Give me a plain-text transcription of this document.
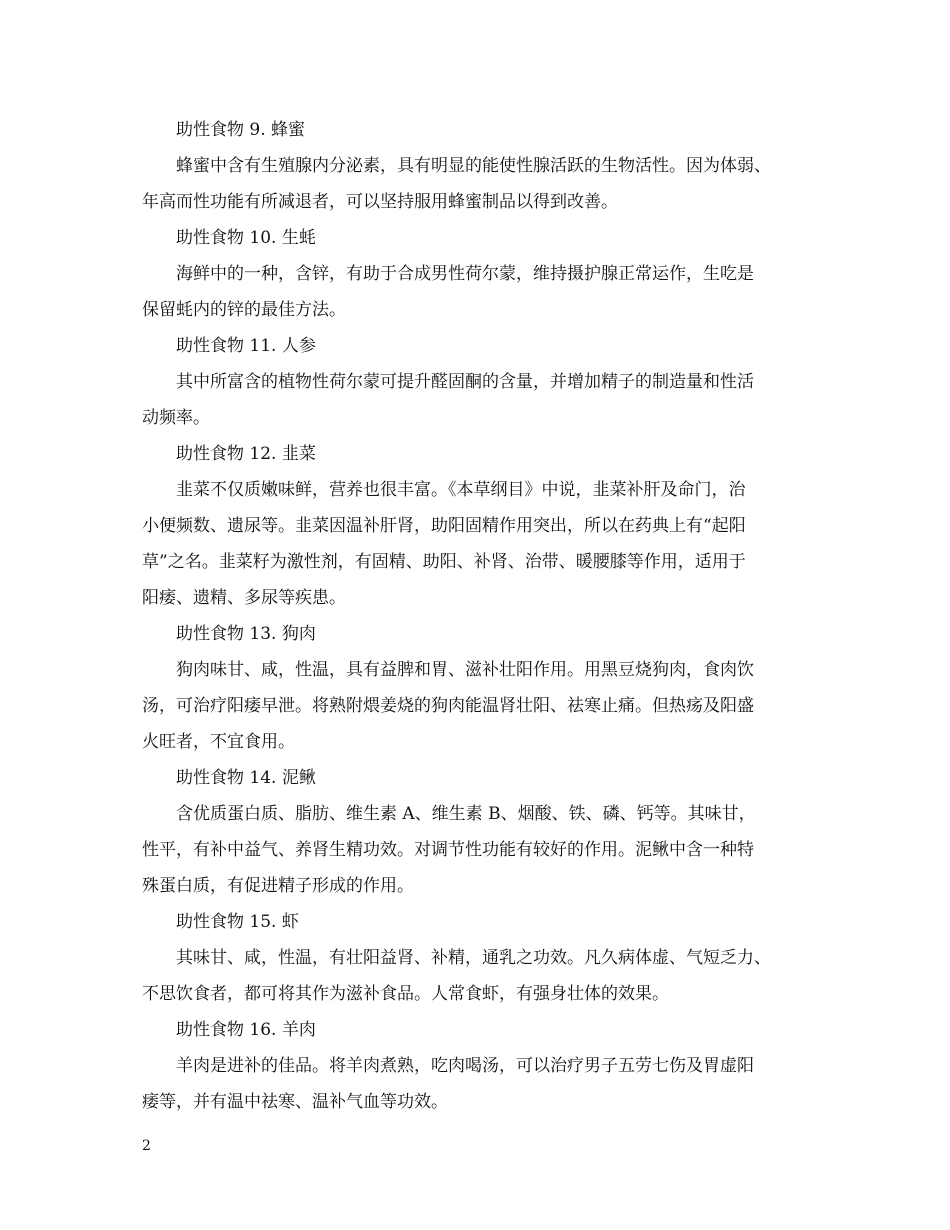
助性食物 9. 蜂蜜

蜂蜜中含有生殖腺内分泌素，具有明显的能使性腺活跃的生物活性。因为体弱、
年高而性功能有所减退者，可以坚持服用蜂蜜制品以得到改善。

助性食物 10. 生蚝

海鲜中的一种，含锌，有助于合成男性荷尔蒙，维持摄护腺正常运作，生吃是
保留蚝内的锌的最佳方法。

助性食物 11. 人参

其中所富含的植物性荷尔蒙可提升醛固酮的含量，并增加精子的制造量和性活
动频率。

助性食物 12. 韭菜

韭菜不仅质嫩味鲜，营养也很丰富。《本草纲目》中说，韭菜补肝及命门，治
小便频数、遗尿等。韭菜因温补肝肾，助阳固精作用突出，所以在药典上有“起阳
草”之名。韭菜籽为激性剂，有固精、助阳、补肾、治带、暖腰膝等作用，适用于
阳痿、遗精、多尿等疾患。

助性食物 13. 狗肉

狗肉味甘、咸，性温，具有益脾和胃、滋补壮阳作用。用黑豆烧狗肉，食肉饮
汤，可治疗阳痿早泄。将熟附煨姜烧的狗肉能温肾壮阳、祛寒止痛。但热疡及阳盛
火旺者，不宜食用。

助性食物 14. 泥鳅

含优质蛋白质、脂肪、维生素 A、维生素 B、烟酸、铁、磷、钙等。其味甘，
性平，有补中益气、养肾生精功效。对调节性功能有较好的作用。泥鳅中含一种特
殊蛋白质，有促进精子形成的作用。

助性食物 15. 虾

其味甘、咸，性温，有壮阳益肾、补精，通乳之功效。凡久病体虚、气短乏力、
不思饮食者，都可将其作为滋补食品。人常食虾，有强身壮体的效果。

助性食物 16. 羊肉

羊肉是进补的佳品。将羊肉煮熟，吃肉喝汤，可以治疗男子五劳七伤及胃虚阳
痿等，并有温中祛寒、温补气血等功效。

2
